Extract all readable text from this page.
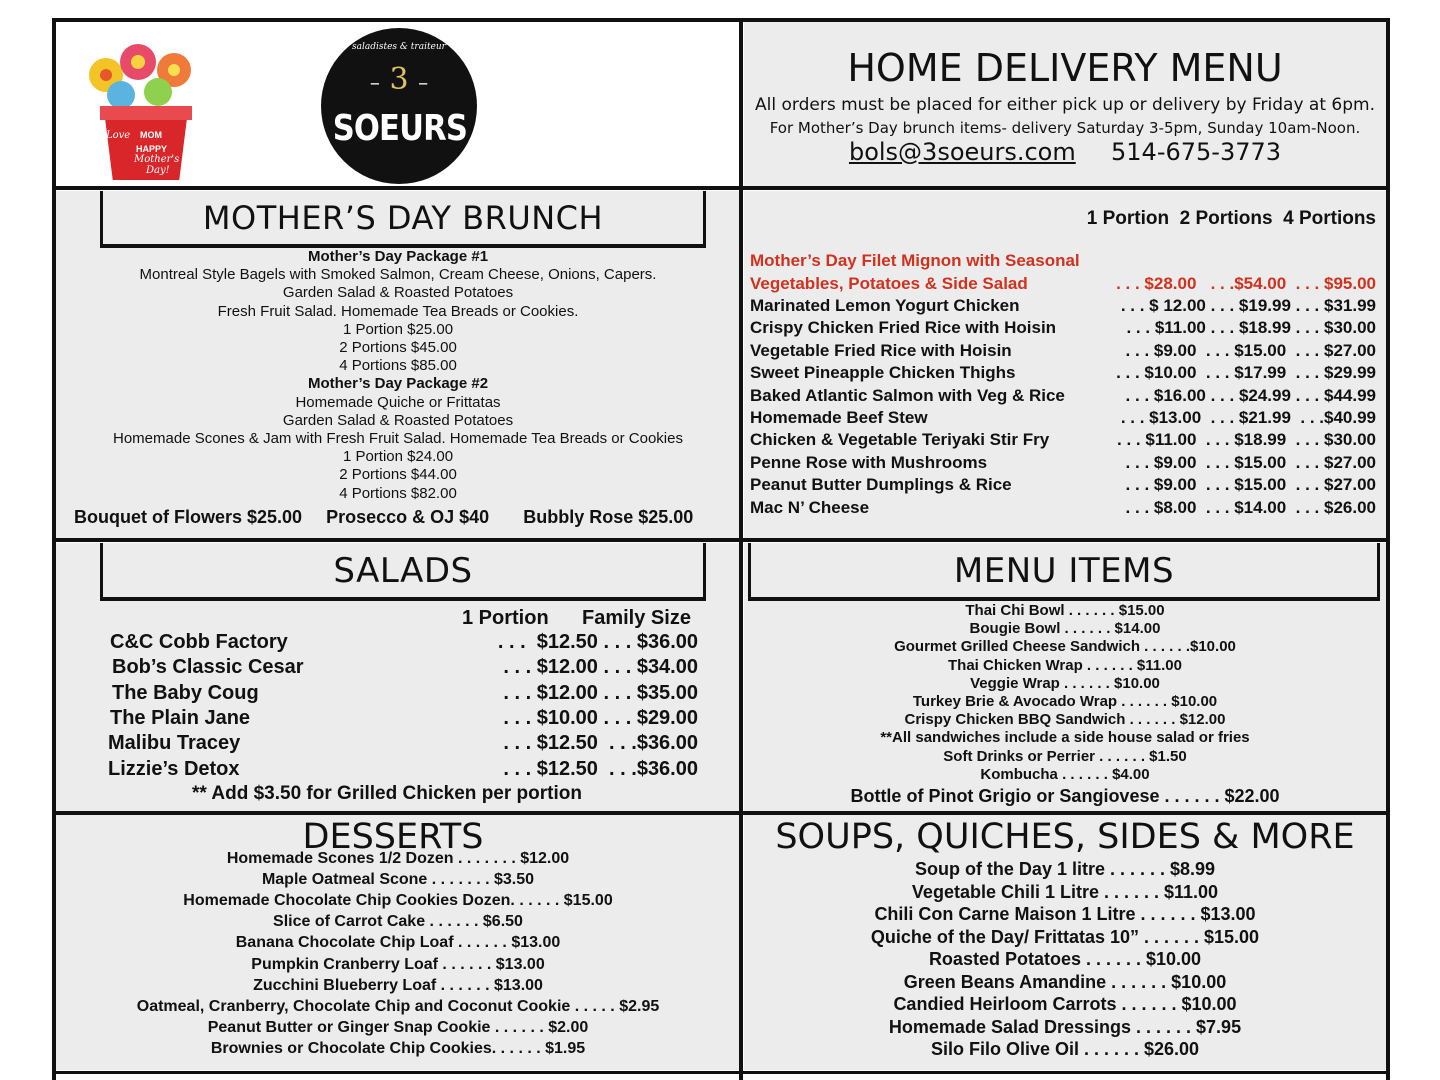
Love MOM
HAPPY
Mother's
Day!
saladistes & traiteur
– 3 –
SOEURS
HOME DELIVERY MENU
All orders must be placed for either pick up or delivery by Friday at 6pm.
For Mother’s Day brunch items- delivery Saturday 3-5pm, Sunday 10am-Noon.
bols@3soeurs.com 514-675-3773
MOTHER’S DAY BRUNCH
Mother’s Day Package #1
Montreal Style Bagels with Smoked Salmon, Cream Cheese, Onions, Capers.
Garden Salad & Roasted Potatoes
Fresh Fruit Salad. Homemade Tea Breads or Cookies.
1 Portion $25.00
2 Portions $45.00
4 Portions $85.00
Mother’s Day Package #2
Homemade Quiche or Frittatas
Garden Salad & Roasted Potatoes
Homemade Scones & Jam with Fresh Fruit Salad. Homemade Tea Breads or Cookies
1 Portion $24.00
2 Portions $44.00
4 Portions $82.00
Bouquet of Flowers $25.00 Prosecco & OJ $40 Bubbly Rose $25.00
1 Portion 2 Portions 4 Portions
Mother’s Day Filet Mignon with Seasonal
Vegetables, Potatoes & Side Salad	. . . $28.00   . . .$54.00  . . . $95.00
Marinated Lemon Yogurt Chicken	. . . $ 12.00 . . . $19.99 . . . $31.99
Crispy Chicken Fried Rice with Hoisin	. . . $11.00 . . . $18.99 . . . $30.00
Vegetable Fried Rice with Hoisin	. . . $9.00  . . . $15.00  . . . $27.00
Sweet Pineapple Chicken Thighs	. . . $10.00  . . . $17.99  . . . $29.99
Baked Atlantic Salmon with Veg & Rice	. . . $16.00 . . . $24.99 . . . $44.99
Homemade Beef Stew	. . . $13.00  . . . $21.99  . . .$40.99
Chicken & Vegetable Teriyaki Stir Fry	. . . $11.00  . . . $18.99  . . . $30.00
Penne Rose with Mushrooms	. . . $9.00  . . . $15.00  . . . $27.00
Peanut Butter Dumplings & Rice	. . . $9.00  . . . $15.00  . . . $27.00
Mac N’ Cheese	. . . $8.00  . . . $14.00  . . . $26.00
SALADS
1 Portion Family Size
C&C Cobb Factory	. . .  $12.50 . . . $36.00
Bob’s Classic Cesar	. . . $12.00 . . . $34.00
The Baby Coug	. . . $12.00 . . . $35.00
The Plain Jane	. . . $10.00 . . . $29.00
Malibu Tracey	. . . $12.50  . . .$36.00
Lizzie’s Detox	. . . $12.50  . . .$36.00
** Add $3.50 for Grilled Chicken per portion
MENU ITEMS
Thai Chi Bowl . . . . . . $15.00
Bougie Bowl . . . . . . $14.00
Gourmet Grilled Cheese Sandwich . . . . . .$10.00
Thai Chicken Wrap . . . . . . $11.00
Veggie Wrap . . . . . . $10.00
Turkey Brie & Avocado Wrap . . . . . . $10.00
Crispy Chicken BBQ Sandwich . . . . . . $12.00
**All sandwiches include a side house salad or fries
Soft Drinks or Perrier . . . . . . $1.50
Kombucha . . . . . . $4.00
Bottle of Pinot Grigio or Sangiovese . . . . . . $22.00
DESSERTS
Homemade Scones 1/2 Dozen . . . . . . . $12.00
Maple Oatmeal Scone . . . . . . . $3.50
Homemade Chocolate Chip Cookies Dozen. . . . . . $15.00
Slice of Carrot Cake . . . . . . $6.50
Banana Chocolate Chip Loaf . . . . . . $13.00
Pumpkin Cranberry Loaf . . . . . . $13.00
Zucchini Blueberry Loaf . . . . . . $13.00
Oatmeal, Cranberry, Chocolate Chip and Coconut Cookie . . . . . $2.95
Peanut Butter or Ginger Snap Cookie . . . . . . $2.00
Brownies or Chocolate Chip Cookies. . . . . . $1.95
SOUPS, QUICHES, SIDES & MORE
Soup of the Day 1 litre . . . . . . $8.99
Vegetable Chili 1 Litre . . . . . . $11.00
Chili Con Carne Maison 1 Litre . . . . . . $13.00
Quiche of the Day/ Frittatas 10” . . . . . . $15.00
Roasted Potatoes . . . . . . $10.00
Green Beans Amandine . . . . . . $10.00
Candied Heirloom Carrots . . . . . . $10.00
Homemade Salad Dressings . . . . . . $7.95
Silo Filo Olive Oil . . . . . . $26.00
